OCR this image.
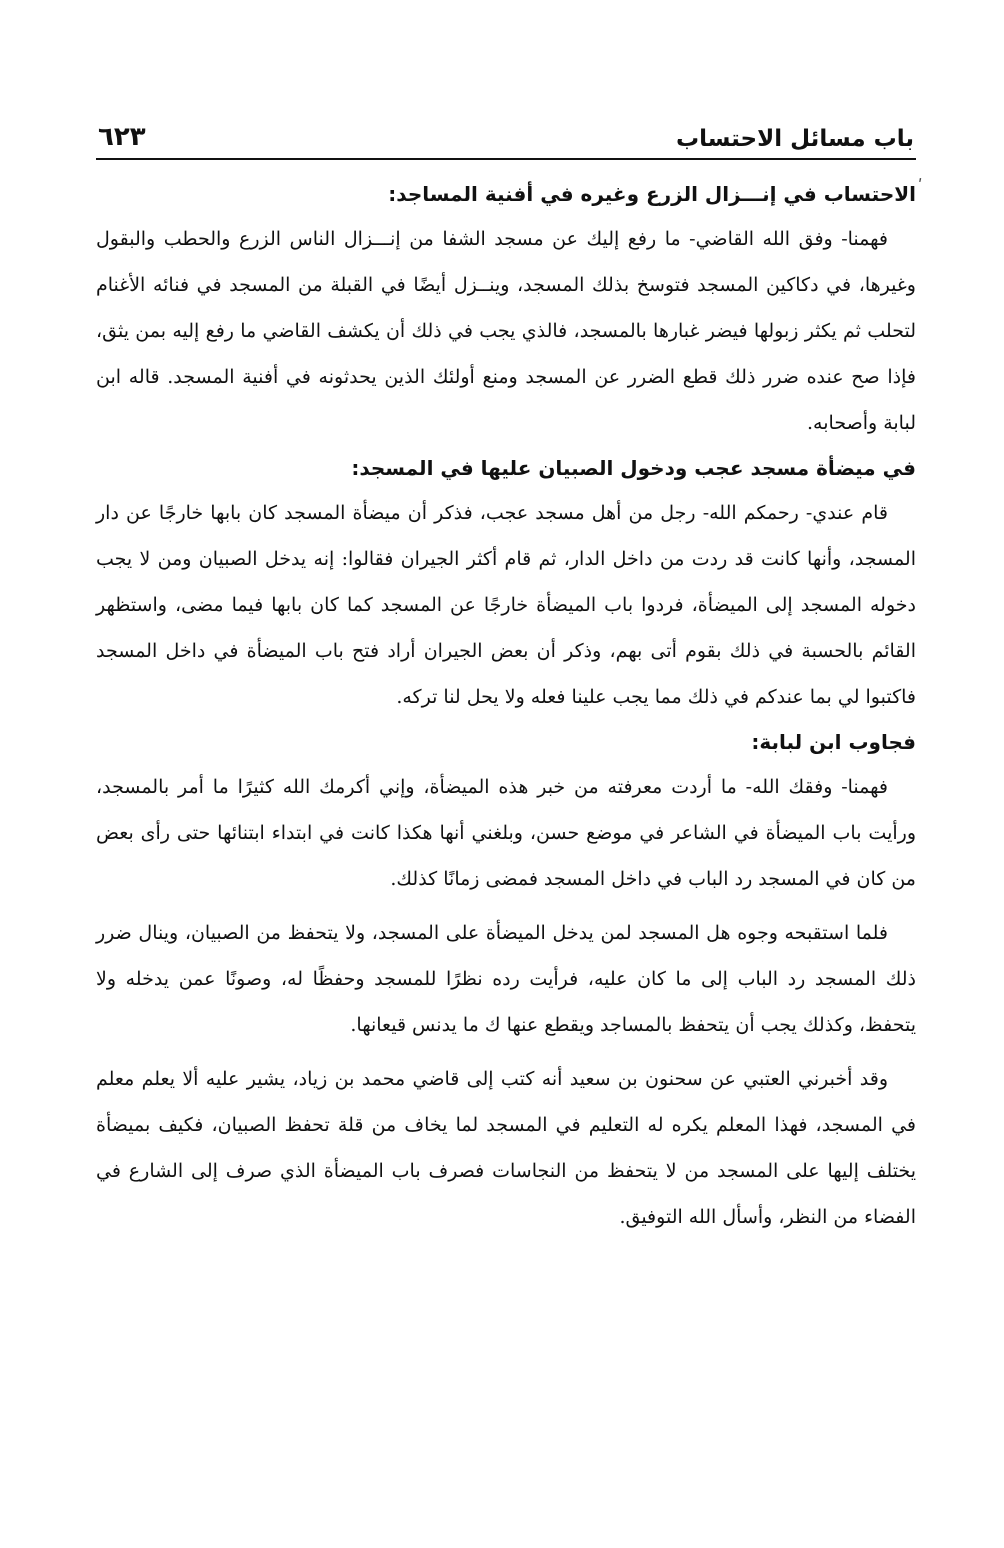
باب مسائل الاحتساب
٦٢٣

الاحتساب في إنـــزال الزرع وغيره في أفنية المساجد:

فهمنا- وفق الله القاضي- ما رفع إليك عن مسجد الشفا من إنـــزال الناس الزرع والحطب والبقول وغيرها، في دكاكين المسجد فتوسخ بذلك المسجد، وينــزل أيضًا في القبلة من المسجد في فنائه الأغنام لتحلب ثم يكثر زبولها فيضر غبارها بالمسجد، فالذي يجب في ذلك أن يكشف القاضي ما رفع إليه بمن يثق، فإذا صح عنده ضرر ذلك قطع الضرر عن المسجد ومنع أولئك الذين يحدثونه في أفنية المسجد. قاله ابن لبابة وأصحابه.

في ميضأة مسجد عجب ودخول الصبيان عليها في المسجد:

قام عندي- رحمكم الله- رجل من أهل مسجد عجب، فذكر أن ميضأة المسجد كان بابها خارجًا عن دار المسجد، وأنها كانت قد ردت من داخل الدار، ثم قام أكثر الجيران فقالوا: إنه يدخل الصبيان ومن لا يجب دخوله المسجد إلى الميضأة، فردوا باب الميضأة خارجًا عن المسجد كما كان بابها فيما مضى، واستظهر القائم بالحسبة في ذلك بقوم أتى بهم، وذكر أن بعض الجيران أراد فتح باب الميضأة في داخل المسجد فاكتبوا لي بما عندكم في ذلك مما يجب علينا فعله ولا يحل لنا تركه.

فجاوب ابن لبابة:

فهمنا- وفقك الله- ما أردت معرفته من خبر هذه الميضأة، وإني أكرمك الله كثيرًا ما أمر بالمسجد، ورأيت باب الميضأة في الشاعر في موضع حسن، وبلغني أنها هكذا كانت في ابتداء ابتنائها حتى رأى بعض من كان في المسجد رد الباب في داخل المسجد فمضى زمانًا كذلك.

فلما استقبحه وجوه هل المسجد لمن يدخل الميضأة على المسجد، ولا يتحفظ من الصبيان، وينال ضرر ذلك المسجد رد الباب إلى ما كان عليه، فرأيت رده نظرًا للمسجد وحفظًا له، وصونًا عمن يدخله ولا يتحفظ، وكذلك يجب أن يتحفظ بالمساجد ويقطع عنها ك ما يدنس قيعانها.

وقد أخبرني العتبي عن سحنون بن سعيد أنه كتب إلى قاضي محمد بن زياد، يشير عليه ألا يعلم معلم في المسجد، فهذا المعلم يكره له التعليم في المسجد لما يخاف من قلة تحفظ الصبيان، فكيف بميضأة يختلف إليها على المسجد من لا يتحفظ من النجاسات فصرف باب الميضأة الذي صرف إلى الشارع في الفضاء من النظر، وأسأل الله التوفيق.

ʹ
